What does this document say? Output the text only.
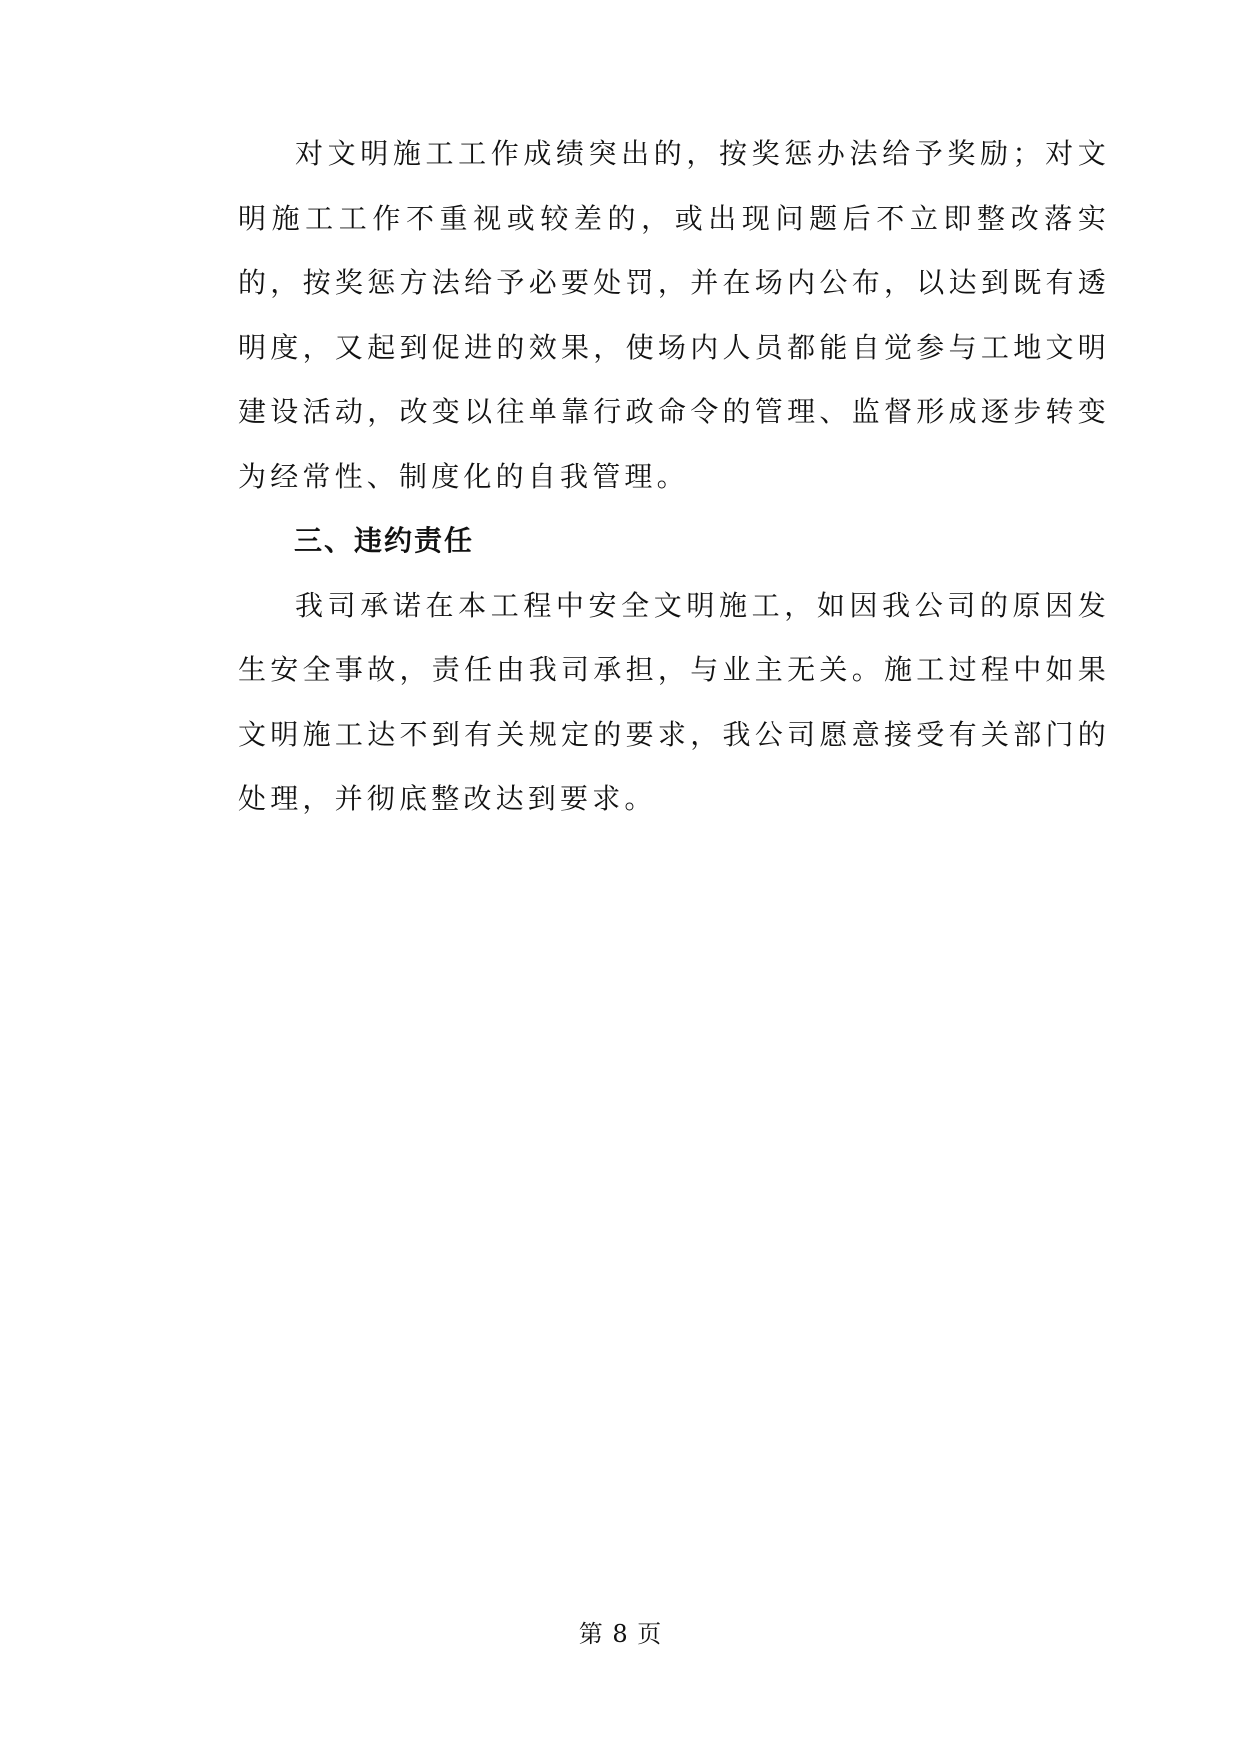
对文明施工工作成绩突出的，按奖惩办法给予奖励；对文明施工工作不重视或较差的，或出现问题后不立即整改落实的，按奖惩方法给予必要处罚，并在场内公布，以达到既有透明度，又起到促进的效果，使场内人员都能自觉参与工地文明建设活动，改变以往单靠行政命令的管理、监督形成逐步转变为经常性、制度化的自我管理。

三、违约责任

我司承诺在本工程中安全文明施工，如因我公司的原因发生安全事故，责任由我司承担，与业主无关。施工过程中如果文明施工达不到有关规定的要求，我公司愿意接受有关部门的处理，并彻底整改达到要求。

第 8 页
